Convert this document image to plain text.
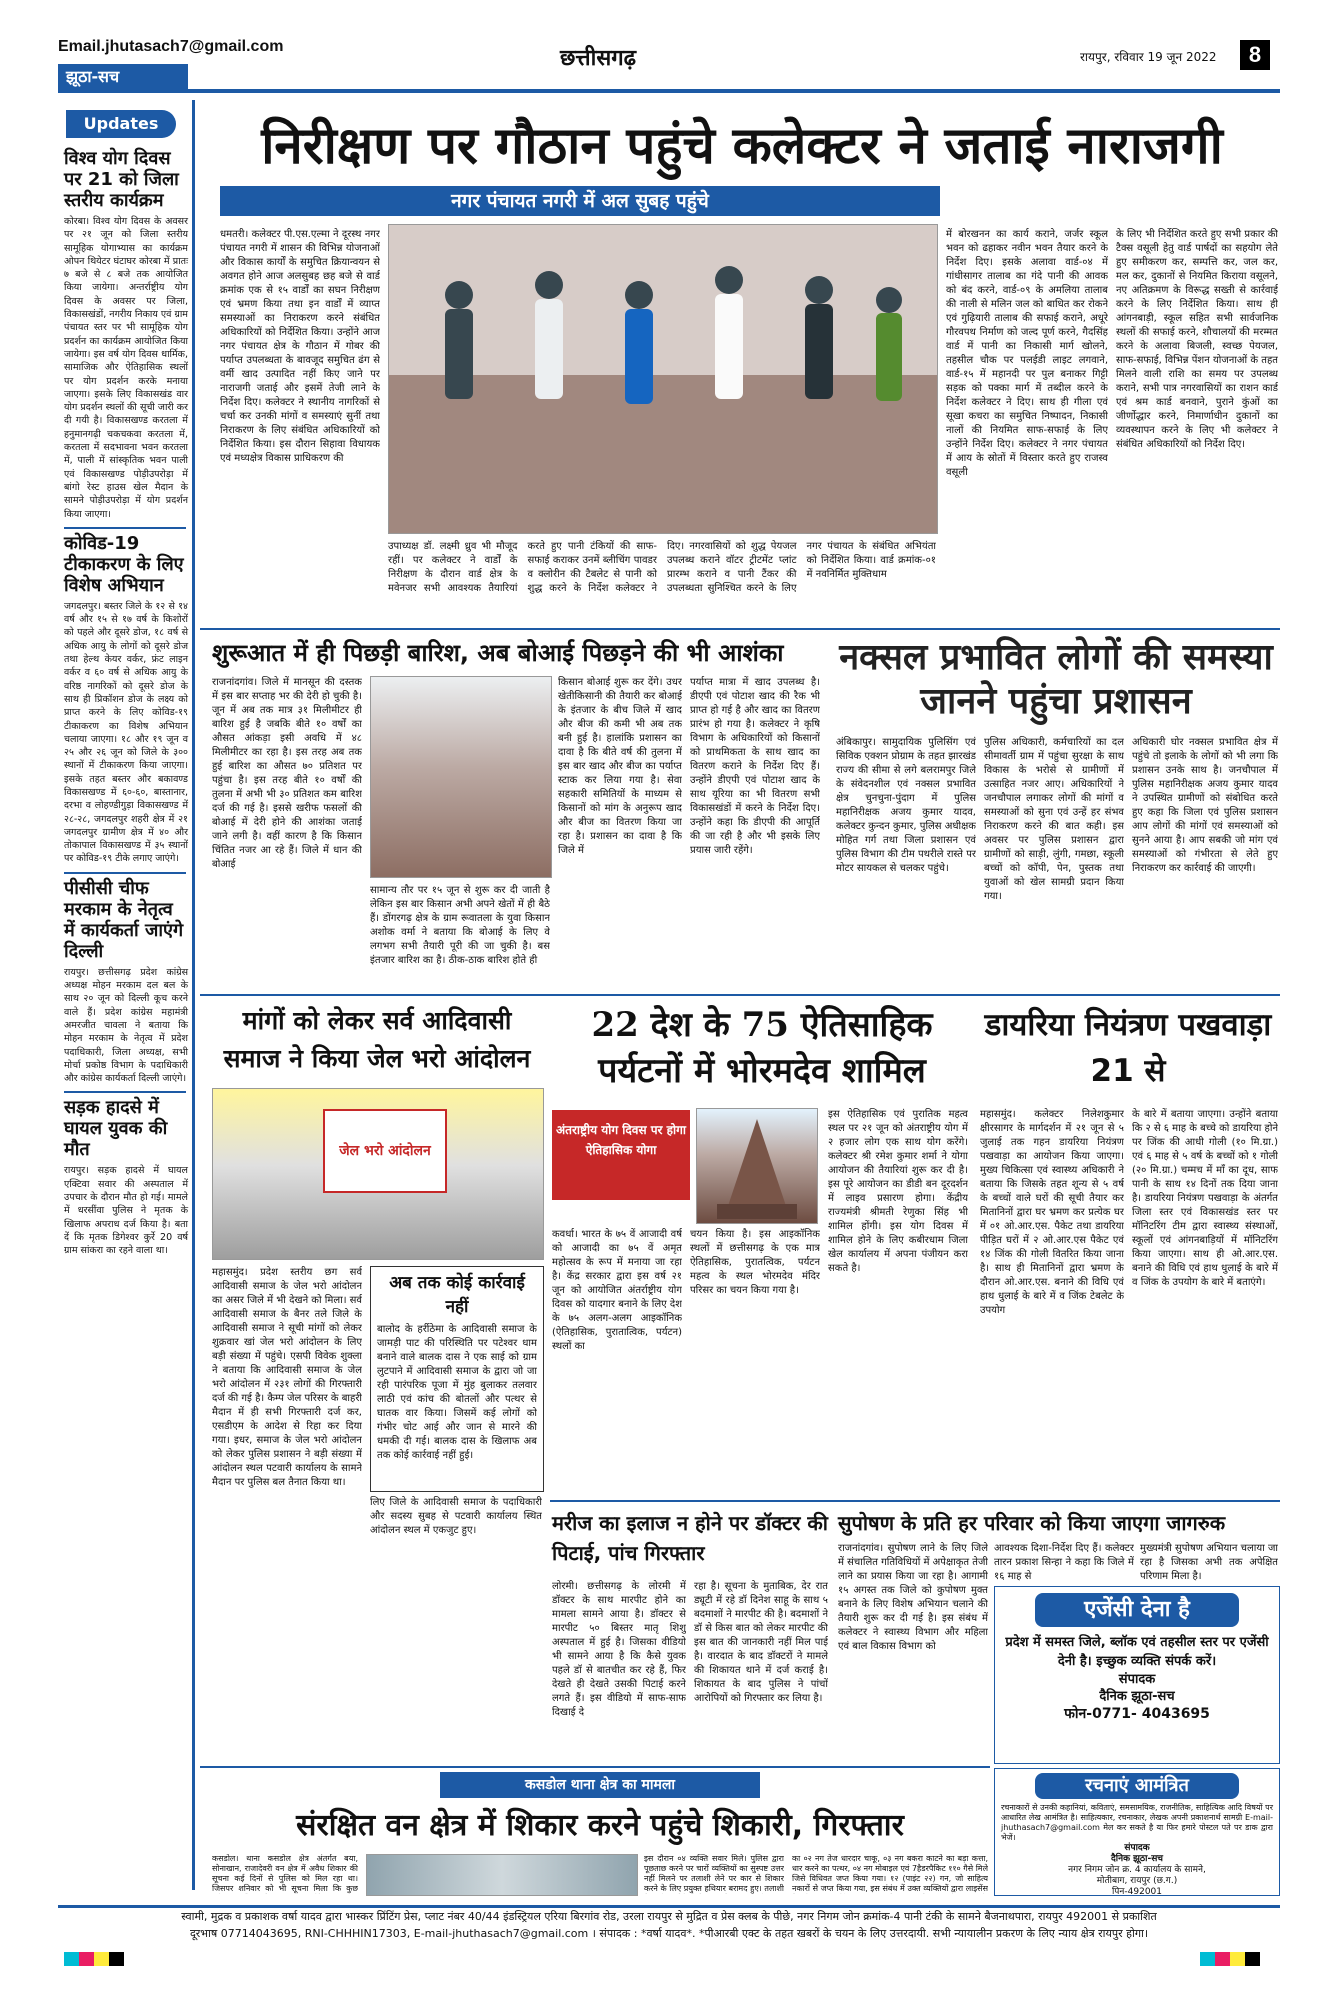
Email.jhutasach7@gmail.com
झूठा-सच
छत्तीसगढ़	रायपुर, रविवार 19 जून 2022	8
Updates
विश्व योग दिवस पर 21 को जिला स्तरीय कार्यक्रम
कोरबा। विश्व योग दिवस के अवसर पर २१ जून को जिला स्तरीय सामूहिक योगाभ्यास का कार्यक्रम ओपन थियेटर घंटाघर कोरबा में प्रातः ७ बजे से ८ बजे तक आयोजित किया जायेगा। अन्तर्राष्ट्रीय योग दिवस के अवसर पर जिला, विकासखंडों, नगरीय निकाय एवं ग्राम पंचायत स्तर पर भी सामूहिक योग प्रदर्शन का कार्यक्रम आयोजित किया जायेगा। इस वर्ष योग दिवस धार्मिक, सामाजिक और ऐतिहासिक स्थलों पर योग प्रदर्शन करके मनाया जाएगा। इसके लिए विकासखंड वार योग प्रदर्शन स्थलों की सूची जारी कर दी गयी है। विकासखण्ड करतला में हनुमानगढ़ी चकचकवा करतला में, करतला में सदभावना भवन करतला में, पाली में सांस्कृतिक भवन पाली एवं विकासखण्ड पोड़ीउपरोड़ा में बांगो रेस्ट हाउस खेल मैदान के सामने पोड़ीउपरोड़ा में योग प्रदर्शन किया जाएगा।
कोविड-19 टीकाकरण के लिए विशेष अभियान
जगदलपुर। बस्तर जिले के १२ से १४ वर्ष और १५ से १७ वर्ष के किशोरों को पहले और दूसरे डोज, १८ वर्ष से अधिक आयु के लोगों को दूसरे डोज तथा हेल्थ केयर वर्कर, फ्रंट लाइन वर्कर व ६० वर्ष से अधिक आयु के वरिष्ठ नागरिकों को दूसरे डोज के साथ ही प्रिकॉशन डोज के लक्ष्य को प्राप्त करने के लिए कोविड-१९ टीकाकरण का विशेष अभियान चलाया जाएगा। १८ और १९ जून व २५ और २६ जून को जिले के ३०० स्थानों में टीकाकरण किया जाएगा। इसके तहत बस्तर और बकावण्ड विकासखण्ड में ६०-६०, बास्तानार, दरभा व लोहण्डीगुड़ा विकासखण्ड में २८-२८, जगदलपुर शहरी क्षेत्र में २१ जगदलपुर ग्रामीण क्षेत्र में ४० और तोकापाल विकासखण्ड में ३५ स्थानों पर कोविड-१९ टीके लगाए जाएंगे।
पीसीसी चीफ मरकाम के नेतृत्व में कार्यकर्ता जाएंगे दिल्ली
रायपुर। छत्तीसगढ़ प्रदेश कांग्रेस अध्यक्ष मोहन मरकाम दल बल के साथ २० जून को दिल्ली कूच करने वाले हैं। प्रदेश कांग्रेस महामंत्री अमरजीत चावला ने बताया कि मोहन मरकाम के नेतृत्व में प्रदेश पदाधिकारी, जिला अध्यक्ष, सभी मोर्चा प्रकोष्ठ विभाग के पदाधिकारी और कांग्रेस कार्यकर्ता दिल्ली जाएंगे।
सड़क हादसे में घायल युवक की मौत
रायपुर। सड़क हादसे में घायल एक्टिवा सवार की अस्पताल में उपचार के दौरान मौत हो गई। मामले में धरसींवा पुलिस ने मृतक के खिलाफ अपराध दर्ज किया है। बता दें कि मृतक डिगेश्वर कुर्रे 20 वर्ष ग्राम सांकरा का रहने वाला था।
निरीक्षण पर गौठान पहुंचे कलेक्टर ने जताई नाराजगी
नगर पंचायत नगरी में अल सुबह पहुंचे
धमतरी। कलेक्टर पी.एस.एल्मा ने दूरस्थ नगर पंचायत नगरी में शासन की विभिन्न योजनाओं और विकास कार्यों के समुचित क्रियान्वयन से अवगत होने आज अलसुबह छह बजे से वार्ड क्रमांक एक से १५ वार्डों का सघन निरीक्षण एवं भ्रमण किया तथा इन वार्डों में व्याप्त समस्याओं का निराकरण करने संबंधित अधिकारियों को निर्देशित किया। उन्होंने आज नगर पंचायत क्षेत्र के गौठान में गोबर की पर्याप्त उपलब्धता के बावजूद समुचित ढंग से वर्मी खाद उत्पादित नहीं किए जाने पर नाराजगी जताई और इसमें तेजी लाने के निर्देश दिए। कलेक्टर ने स्थानीय नागरिकों से चर्चा कर उनकी मांगों व समस्याएं सुनीं तथा निराकरण के लिए संबंधित अधिकारियों को निर्देशित किया। इस दौरान सिहावा विधायक एवं मध्यक्षेत्र विकास प्राधिकरण की
उपाध्यक्ष डॉ. लक्ष्मी ध्रुव भी मौजूद रहीं। पर कलेक्टर ने वार्डों के निरीक्षण के दौरान वार्ड क्षेत्र के मवेनजर सभी आवश्यक तैयारियां करते हुए पानी टंकियों की साफ-सफाई कराकर उनमें ब्लीचिंग पावडर व क्लोरीन की टैबलेट से पानी को शुद्ध करने के निर्देश कलेक्टर ने दिए। नगरवासियों को शुद्ध पेयजल उपलब्ध कराने वॉटर ट्रीटमेंट प्लांट प्रारम्भ कराने व पानी टैंकर की उपलब्धता सुनिश्चित करने के लिए नगर पंचायत के संबंधित अभियंता को निर्देशित किया। वार्ड क्रमांक-०१ में नवनिर्मित मुक्तिधाम
में बोरखनन का कार्य कराने, जर्जर स्कूल भवन को ढहाकर नवीन भवन तैयार करने के निर्देश दिए। इसके अलावा वार्ड-०४ में गांधीसागर तालाब का गंदे पानी की आवक को बंद करने, वार्ड-०९ के अमलिया तालाब की नाली से मलिन जल को बाधित कर रोकने एवं गुढ़ियारी तालाब की सफाई कराने, अधूरे गौरवपथ निर्माण को जल्द पूर्ण करने, गैदसिंह वार्ड में पानी का निकासी मार्ग खोलने, तहसील चौक पर पलईडी लाइट लगवाने, वार्ड-१५ में महानदी पर पुल बनाकर गिट्टी सड़क को पक्का मार्ग में तब्दील करने के निर्देश कलेक्टर ने दिए। साथ ही गीला एवं सूखा कचरा का समुचित निष्पादन, निकासी नालों की नियमित साफ-सफाई के लिए उन्होंने निर्देश दिए। कलेक्टर ने नगर पंचायत में आय के स्रोतों में विस्तार करते हुए राजस्व वसूली
के लिए भी निर्देशित करते हुए सभी प्रकार की टैक्स वसूली हेतु वार्ड पार्षदों का सहयोग लेते हुए समीकरण कर, सम्पत्ति कर, जल कर, मल कर, दुकानों से नियमित किराया वसूलने, नए अतिक्रमण के विरूद्ध सख्ती से कार्रवाई करने के लिए निर्देशित किया। साथ ही आंगनबाड़ी, स्कूल सहित सभी सार्वजनिक स्थलों की सफाई करने, शौचालयों की मरम्मत करने के अलावा बिजली, स्वच्छ पेयजल, साफ-सफाई, विभिन्न पेंशन योजनाओं के तहत मिलने वाली राशि का समय पर उपलब्ध कराने, सभी पात्र नगरवासियों का राशन कार्ड एवं श्रम कार्ड बनवाने, पुराने कुंओं का जीर्णोद्धार करने, निमार्णाधीन दुकानों का व्यवस्थापन करने के लिए भी कलेक्टर ने संबंधित अधिकारियों को निर्देश दिए।
शुरूआत में ही पिछड़ी बारिश, अब बोआई पिछड़ने की भी आशंका
राजनांदगांव। जिले में मानसून की दस्तक में इस बार सप्ताह भर की देरी हो चुकी है। जून में अब तक मात्र ३१ मिलीमीटर ही बारिश हुई है जबकि बीते १० वर्षों का औसत आंकड़ा इसी अवधि में ४८ मिलीमीटर का रहा है। इस तरह अब तक हुई बारिश का औसत ७० प्रतिशत पर पहुंचा है। इस तरह बीते १० वर्षों की तुलना में अभी भी ३० प्रतिशत कम बारिश दर्ज की गई है। इससे खरीफ फसलों की बोआई में देरी होने की आशंका जताई जाने लगी है। वहीं कारण है कि किसान चिंतित नजर आ रहे हैं। जिले में धान की बोआई
सामान्य तौर पर १५ जून से शुरू कर दी जाती है लेकिन इस बार किसान अभी अपने खेतों में ही बैठे हैं। डोंगरगढ़ क्षेत्र के ग्राम रूवातला के युवा किसान अशोक वर्मा ने बताया कि बोआई के लिए वे लगभग सभी तैयारी पूरी की जा चुकी है। बस इंतजार बारिश का है। ठीक-ठाक बारिश होते ही
किसान बोआई शुरू कर देंगे। उधर खेतीकिसानी की तैयारी कर बोआई के इंतजार के बीच जिले में खाद और बीज की कमी भी अब तक बनी हुई है। हालांकि प्रशासन का दावा है कि बीते वर्ष की तुलना में इस बार खाद और बीज का पर्याप्त स्टाक कर लिया गया है। सेवा सहकारी समितियों के माध्यम से किसानों को मांग के अनुरूप खाद और बीज का वितरण किया जा रहा है। प्रशासन का दावा है कि जिले में
पर्याप्त मात्रा में खाद उपलब्ध है। डीएपी एवं पोटाश खाद की रैक भी प्राप्त हो गई है और खाद का वितरण प्रारंभ हो गया है। कलेक्टर ने कृषि विभाग के अधिकारियों को किसानों को प्राथमिकता के साथ खाद का वितरण कराने के निर्देश दिए हैं। उन्होंने डीएपी एवं पोटाश खाद के साथ यूरिया का भी वितरण सभी विकासखंडों में करने के निर्देश दिए। उन्होंने कहा कि डीएपी की आपूर्ति की जा रही है और भी इसके लिए प्रयास जारी रहेंगे।
नक्सल प्रभावित लोगों की समस्या जानने पहुंचा प्रशासन
अंबिकापुर। सामुदायिक पुलिसिंग एवं सिविक एक्शन प्रोग्राम के तहत झारखंड राज्य की सीमा से लगे बलरामपुर जिले के संवेदनशील एवं नक्सल प्रभावित क्षेत्र चुनचुना-पुंदाग में पुलिस महानिरीक्षक अजय कुमार यादव, कलेक्टर कुन्दन कुमार, पुलिस अधीक्षक मोहित गर्ग तथा जिला प्रशासन एवं पुलिस विभाग की टीम पथरीले रास्ते पर मोटर सायकल से चलकर पहुंचे।
पुलिस अधिकारी, कर्मचारियों का दल सीमावर्ती ग्राम में पहुंचा सुरक्षा के साथ विकास के भरोसे से ग्रामीणों में उत्साहित नजर आए। अधिकारियों ने जनचौपाल लगाकर लोगों की मांगों व समस्याओं को सुना एवं उन्हें हर संभव निराकरण करने की बात कही। इस अवसर पर पुलिस प्रशासन द्वारा ग्रामीणों को साड़ी, लुंगी, गमछा, स्कूली बच्चों को कॉपी, पेन, पुस्तक तथा युवाओं को खेल सामग्री प्रदान किया गया।
अधिकारी घोर नक्सल प्रभावित क्षेत्र में पहुंचे तो इलाके के लोगों को भी लगा कि प्रशासन उनके साथ है। जनचौपाल में पुलिस महानिरीक्षक अजय कुमार यादव ने उपस्थित ग्रामीणों को संबोधित करते हुए कहा कि जिला एवं पुलिस प्रशासन आप लोगों की मांगों एवं समस्याओं को सुनने आया है। आप सबकी जो मांग एवं समस्याओं को गंभीरता से लेते हुए निराकरण कर कार्रवाई की जाएगी।
मांगों को लेकर सर्व आदिवासी समाज ने किया जेल भरो आंदोलन
जेल भरो आंदोलन
महासमुंद। प्रदेश स्तरीय छग सर्व आदिवासी समाज के जेल भरो आंदोलन का असर जिले में भी देखने को मिला। सर्व आदिवासी समाज के बैनर तले जिले के आदिवासी समाज ने सूची मांगों को लेकर शुक्रवार खां जेल भरो आंदोलन के लिए बड़ी संख्या में पहुंचे। एसपी विवेक शुक्ला ने बताया कि आदिवासी समाज के जेल भरो आंदोलन में २३१ लोगों की गिरफ्तारी दर्ज की गई है। कैम्प जेल परिसर के बाहरी मैदान में ही सभी गिरफ्तारी दर्ज कर, एसडीएम के आदेश से रिहा कर दिया गया। इधर, समाज के जेल भरो आंदोलन को लेकर पुलिस प्रशासन ने बड़ी संख्या में आंदोलन स्थल पटवारी कार्यालय के सामने मैदान पर पुलिस बल तैनात किया था।
अब तक कोई कार्रवाई नहीं
बालोद के हर्रीठेमा के आदिवासी समाज के जामड़ी पाट की परिस्थिति पर पटेश्वर धाम बनाने वाले बालक दास ने एक साई को ग्राम लुटपाने में आदिवासी समाज के द्वारा जो जा रही पारंपरिक पूजा में मुंह बुलाकर तलवार लाठी एवं कांच की बोतलों और पत्थर से घातक वार किया। जिसमें कई लोगों को गंभीर चोट आई और जान से मारने की धमकी दी गई। बालक दास के खिलाफ अब तक कोई कार्रवाई नहीं हुई।
लिए जिले के आदिवासी समाज के पदाधिकारी और सदस्य सुबह से पटवारी कार्यालय स्थित आंदोलन स्थल में एकजुट हुए।
22 देश के 75 ऐतिसाहिक पर्यटनों में भोरमदेव शामिल
अंतराष्ट्रीय योग दिवस पर होगा ऐतिहासिक योगा
कवर्धा। भारत के ७५ वें आजादी वर्ष को आजादी का ७५ वें अमृत महोत्सव के रूप में मनाया जा रहा है। केंद्र सरकार द्वारा इस वर्ष २१ जून को आयोजित अंतर्राष्ट्रीय योग दिवस को यादगार बनाने के लिए देश के ७५ अलग-अलग आइकॉनिक (ऐतिहासिक, पुरातात्विक, पर्यटन) स्थलों का
चयन किया है। इस आइकॉनिक स्थलों में छत्तीसगढ़ के एक मात्र ऐतिहासिक, पुरातत्विक, पर्यटन महत्व के स्थल भोरमदेव मंदिर परिसर का चयन किया गया है।
इस ऐतिहासिक एवं पुरातिक महत्व स्थल पर २१ जून को अंतराष्ट्रीय योग में २ हजार लोग एक साथ योग करेंगे। कलेक्टर श्री रमेश कुमार शर्मा ने योगा आयोजन की तैयारियां शुरू कर दी है। इस पूरे आयोजन का डीडी बन दूरदर्शन में लाइव प्रसारण होगा। केंद्रीय राज्यमंत्री श्रीमती रेणुका सिंह भी शामिल होंगी। इस योग दिवस में शामिल होने के लिए कबीरधाम जिला खेल कार्यालय में अपना पंजीयन करा सकते है।
डायरिया नियंत्रण पखवाड़ा 21 से
महासमुंद। कलेक्टर निलेशकुमार क्षीरसागर के मार्गदर्शन में २१ जून से ५ जुलाई तक गहन डायरिया नियंत्रण पखवाड़ा का आयोजन किया जाएगा। मुख्य चिकित्सा एवं स्वास्थ्य अधिकारी ने बताया कि जिसके तहत शून्य से ५ वर्ष के बच्चों वाले घरों की सूची तैयार कर मितानिनों द्वारा घर भ्रमण कर प्रत्येक घर में ०१ ओ.आर.एस. पैकेट तथा डायरिया पीड़ित घरों में २ ओ.आर.एस पैकेट एवं १४ जिंक की गोली वितरित किया जाना है। साथ ही मितानिनों द्वारा भ्रमण के दौरान ओ.आर.एस. बनाने की विधि एवं हाथ धुलाई के बारे में व जिंक टेबलेट के उपयोग
के बारे में बताया जाएगा। उन्होंने बताया कि २ से ६ माह के बच्चे को डायरिया होने पर जिंक की आधी गोली (१० मि.ग्रा.) एवं ६ माह से ५ वर्ष के बच्चों को १ गोली (२० मि.ग्रा.) चम्मच में माँ का दूध, साफ पानी के साथ १४ दिनों तक दिया जाना है। डायरिया नियंत्रण पखवाड़ा के अंतर्गत जिला स्तर एवं विकासखंड स्तर पर मॉनिटरिंग टीम द्वारा स्वास्थ्य संस्थाओं, स्कूलों एवं आंगनबाड़ियों में मॉनिटरिंग किया जाएगा। साथ ही ओ.आर.एस. बनाने की विधि एवं हाथ धुलाई के बारे में व जिंक के उपयोग के बारे में बताएंगे।
मरीज का इलाज न होने पर डॉक्टर की पिटाई, पांच गिरफ्तार
लोरमी। छत्तीसगढ़ के लोरमी में डॉक्टर के साथ मारपीट होने का मामला सामने आया है। डॉक्टर से मारपीट ५० बिस्तर मातृ शिशु अस्पताल में हुई है। जिसका वीडियो भी सामने आया है कि कैसे युवक पहले डॉ से बातचीत कर रहे हैं, फिर देखते ही देखते उसकी पिटाई करने लगते हैं। इस वीडियो में साफ-साफ दिखाई दे
रहा है। सूचना के मुताबिक, देर रात ड्यूटी में रहे डॉ दिनेश साहू के साथ ५ बदमाशों ने मारपीट की है। बदमाशों ने डॉ से किस बात को लेकर मारपीट की इस बात की जानकारी नहीं मिल पाई है। वारदात के बाद डॉक्टरों ने मामले की शिकायत थाने में दर्ज कराई है। शिकायत के बाद पुलिस ने पांचों आरोपियों को गिरफ्तार कर लिया है।
सुपोषण के प्रति हर परिवार को किया जाएगा जागरुक
राजनांदगांव। सुपोषण लाने के लिए जिले में संचालित गतिविधियों में अपेक्षाकृत तेजी लाने का प्रयास किया जा रहा है। आगामी १५ अगस्त तक जिले को कुपोषण मुक्त बनाने के लिए विशेष अभियान चलाने की तैयारी शुरू कर दी गई है। इस संबंध में कलेक्टर ने स्वास्थ्य विभाग और महिला एवं बाल विकास विभाग को
आवश्यक दिशा-निर्देश दिए हैं। कलेक्टर तारन प्रकाश सिन्हा ने कहा कि जिले में १६ माह से
मुख्यमंत्री सुपोषण अभियान चलाया जा रहा है जिसका अभी तक अपेक्षित परिणाम मिला है।
एजेंसी देना है
प्रदेश में समस्त जिले, ब्लॉक एवं तहसील स्तर पर एजेंसी देनी है। इच्छुक व्यक्ति संपर्क करें।
संपादक
दैनिक झूठा-सच
फोन-0771- 4043695
कसडोल थाना क्षेत्र का मामला
संरक्षित वन क्षेत्र में शिकार करने पहुंचे शिकारी, गिरफ्तार
कसडोल। थाना कसडोल क्षेत्र अंतर्गत बया, सोनाखान, राजादेवरी वन क्षेत्र में अवैध शिकार की सूचना कई दिनों से पुलिस को मिल रहा था। जिसपर शनिवार को भी सूचना मिला कि कुछ
इस दौरान ०४ व्यक्ति सवार मिले। पुलिस द्वारा पूछताछ करने पर चारों व्यक्तियों का सुस्पष्ट उत्तर नहीं मिलने पर तलाशी लेने पर कार से शिकार करने के लिए प्रयुक्त हथियार बरामद हुए। तलाशी
का ०२ नग तेज धारदार चाकू, ०३ नग बकरा काटने का बड़ा कत्ता, धार करने का पत्थर, ०४ नग मोबाइल एवं 7हैडरपैकिट ११० गैसे मिले जिसे विधिवत जप्त किया गया। १२ (पाइंट २२) गन, जो साहित्य नकारों से जप्त किया गया, इस संबंध में उक्त व्यक्तियों द्वारा लाइसेंस
रचनाएं आमंत्रित
रचनाकारों से उनकी कहानियां, कविताएं, समसामयिक, राजनीतिक, साहित्यिक आदि विषयों पर आधारित लेख आमंत्रित है। साहित्यकार, रचनाकार, लेखक अपनी प्रकाशनार्थ सामग्री E-mail-jhuthasach7@gmail.com मेल कर सकते है या फिर हमारे पोस्टल पते पर डाक द्वारा भेजें।
संपादक
दैनिक झूठा-सच
नगर निगम जोन क्र. 4 कार्यालय के सामने,
मोतीबाग, रायपुर (छ.ग.)
पिन-492001
स्वामी, मुद्रक व प्रकाशक वर्षा यादव द्वारा भास्कर प्रिंटिंग प्रेस, प्लाट नंबर 40/44 इंडस्ट्रियल एरिया बिरगांव रोड, उरला रायपुर से मुद्रित व प्रेस क्लब के पीछे, नगर निगम जोन क्रमांक-4 पानी टंकी के सामने बैजनाथपारा, रायपुर 492001 से प्रकाशित
दूरभाष 07714043695, RNI-CHHHIN17303, E-mail-jhuthasach7@gmail.com । संपादक : *वर्षा यादव*. *पीआरबी एक्ट के तहत खबरों के चयन के लिए उत्तरदायी. सभी न्यायालीन प्रकरण के लिए न्याय क्षेत्र रायपुर होगा।
